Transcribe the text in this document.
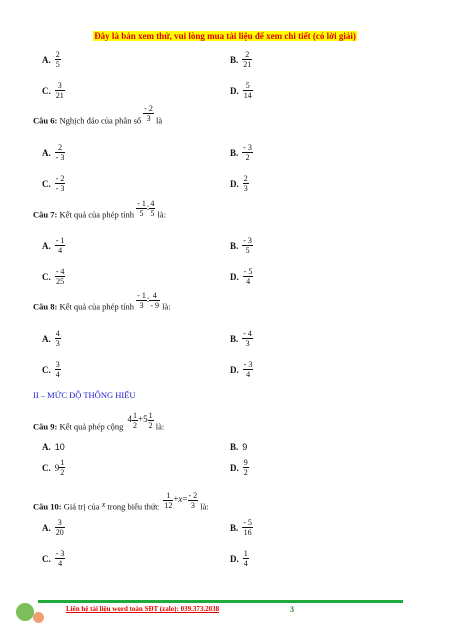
Đây là bản xem thử, vui lòng mua tài liệu để xem chi tiết (có lời giải)
A. $\frac{2}{5}$	B. $\frac{2}{21}$
C. $\frac{3}{21}$	D. $\frac{5}{14}$
Câu 6: Nghịch đảo của phân số $\frac{- 2}{3}$ là
A. $\frac{2}{- 3}$	B. $\frac{- 3}{2}$
C. $\frac{- 2}{- 3}$	D. $\frac{2}{3}$
Câu 7: Kết quả của phép tính $\frac{- 1}{5}$ : $\frac{4}{5}$ là:
A. $\frac{- 1}{4}$	B. $\frac{- 3}{5}$
C. $\frac{- 4}{25}$	D. $\frac{- 5}{4}$
Câu 8: Kết quả của phép tính $\frac{- 1}{3}$ : $\frac{4}{- 9}$ là:
A. $\frac{4}{3}$	B. $\frac{- 4}{3}$
C. $\frac{3}{4}$	D. $\frac{- 3}{4}$
II – MỨC ĐỘ THÔNG HIỂU
Câu 9: Kết quả phép cộng $4 \frac{1}{2} +5 \frac{1}{2}$ là:
A. 10	B. 9
C. $9 \frac{1}{2}$	D. $\frac{9}{2}$
Câu 10: Giá trị của x trong biểu thức $\frac{1}{12} +x= \frac{- 2}{3}$ là:
A. $\frac{3}{20}$	B. $\frac{- 5}{16}$
C. $\frac{- 3}{4}$	D. $\frac{1}{4}$
Liên hệ tài liệu word toán SĐT (zalo): 039.373.2038	3
